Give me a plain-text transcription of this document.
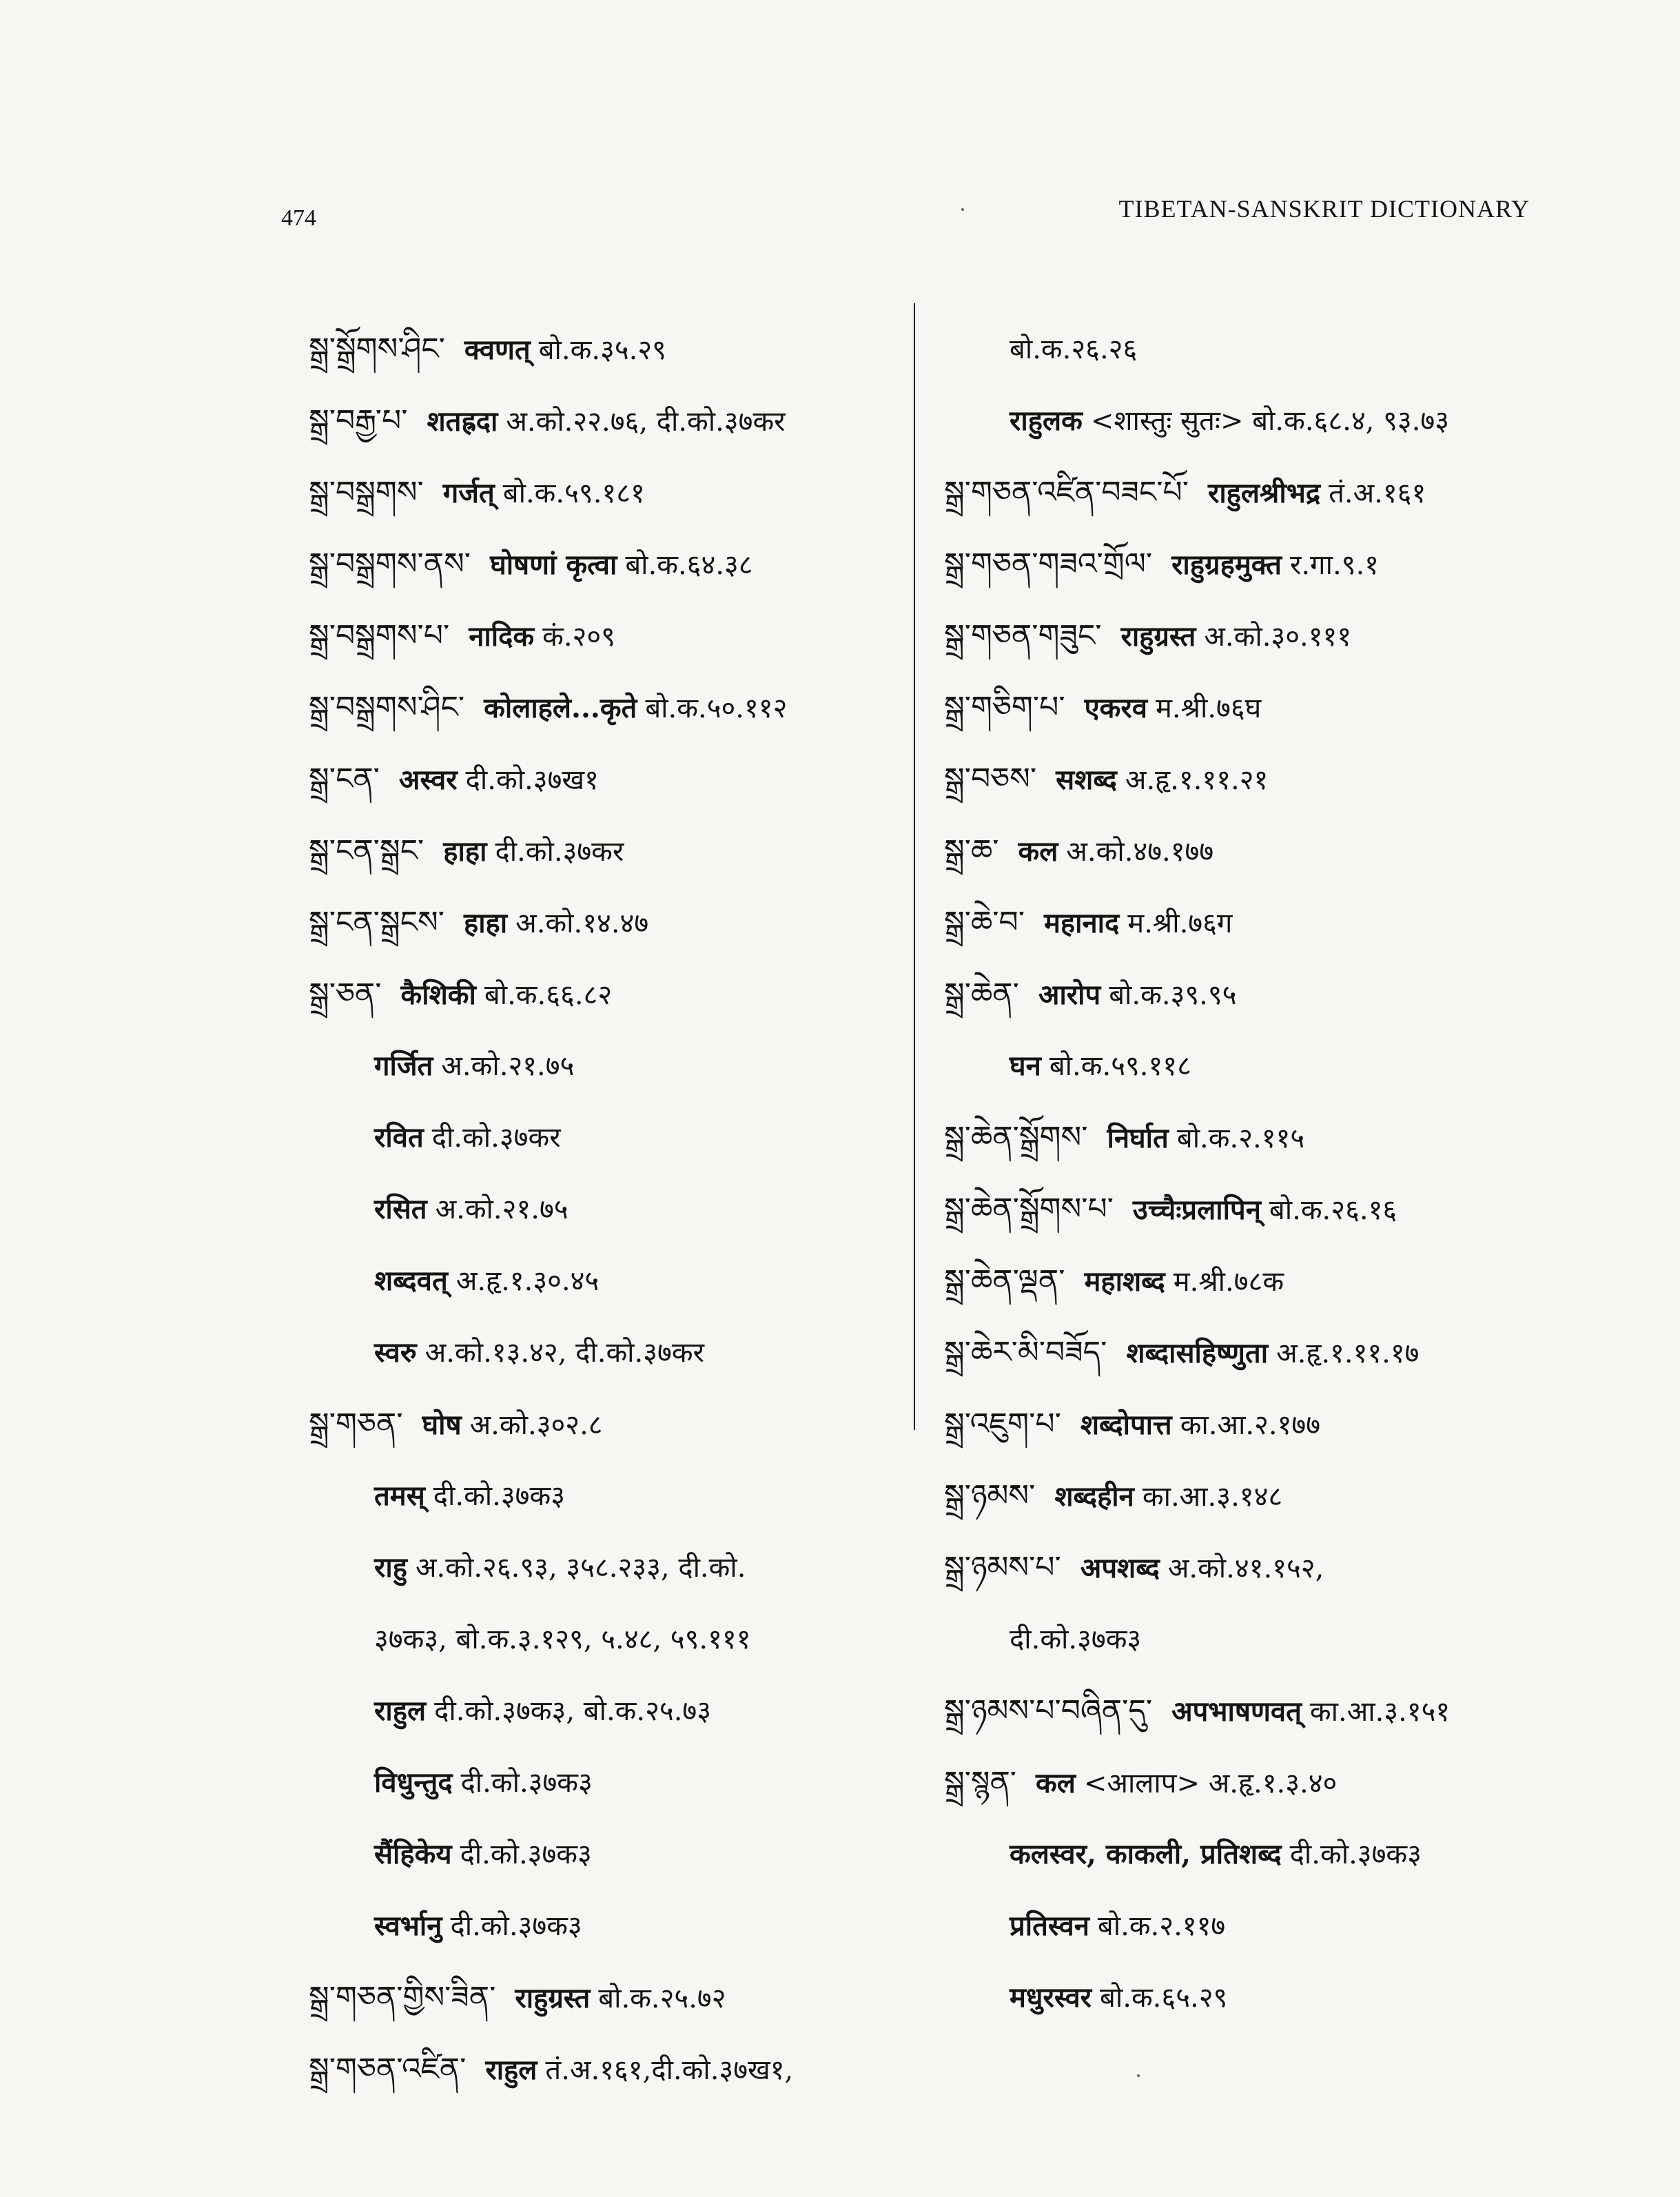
474	TIBETAN-SANSKRIT DICTIONARY
སྒྲ་སྒྲོགས་ཤིང་ क्वणत् बो.क.३५.२९
སྒྲ་བརྒྱ་པ་ शतह्रदा अ.को.२२.७६, दी.को.३७कर
སྒྲ་བསྒྲགས་ गर्जत् बो.क.५९.१८१
སྒྲ་བསྒྲགས་ནས་ घोषणां कृत्वा बो.क.६४.३८
སྒྲ་བསྒྲགས་པ་ नादिक कं.२०९
སྒྲ་བསྒྲགས་ཤིང་ कोलाहले...कृते बो.क.५०.११२
སྒྲ་ངན་ अस्वर दी.को.३७ख१
སྒྲ་ངན་སྒྲང་ हाहा दी.को.३७कर
སྒྲ་ངན་སྒྲངས་ हाहा अ.को.१४.४७
སྒྲ་ཅན་ कैशिकी बो.क.६६.८२
गर्जित अ.को.२१.७५
रवित दी.को.३७कर
रसित अ.को.२१.७५
शब्दवत् अ.हृ.१.३०.४५
स्वरु अ.को.१३.४२, दी.को.३७कर
སྒྲ་གཅན་ घोष अ.को.३०२.८
तमस् दी.को.३७क३
राहु अ.को.२६.९३, ३५८.२३३, दी.को.
३७क३, बो.क.३.१२९, ५.४८, ५९.१११
राहुल दी.को.३७क३, बो.क.२५.७३
विधुन्तुद दी.को.३७क३
सैंहिकेय दी.को.३७क३
स्वर्भानु दी.को.३७क३
སྒྲ་གཅན་གྱིས་ཟིན་ राहुग्रस्त बो.क.२५.७२
སྒྲ་གཅན་འཛིན་ राहुल तं.अ.१६१,दी.को.३७ख१,
बो.क.२६.२६
राहुलक <शास्तुः सुतः> बो.क.६८.४, ९३.७३
སྒྲ་གཅན་འཛིན་བཟང་པོ་ राहुलश्रीभद्र तं.अ.१६१
སྒྲ་གཅན་གཟའ་གྲོལ་ राहुग्रहमुक्त र.गा.९.१
སྒྲ་གཅན་གཟུང་ राहुग्रस्त अ.को.३०.१११
སྒྲ་གཅིག་པ་ एकरव म.श्री.७६घ
སྒྲ་བཅས་ सशब्द अ.हृ.१.११.२१
སྒྲ་ཆ་ कल अ.को.४७.१७७
སྒྲ་ཆེ་བ་ महानाद म.श्री.७६ग
སྒྲ་ཆེན་ आरोप बो.क.३९.९५
घन बो.क.५९.११८
སྒྲ་ཆེན་སྒྲོགས་ निर्घात बो.क.२.११५
སྒྲ་ཆེན་སྒྲོགས་པ་ उच्चैःप्रलापिन् बो.क.२६.१६
སྒྲ་ཆེན་ལྡན་ महाशब्द म.श्री.७८क
སྒྲ་ཆེར་མི་བཟོད་ शब्दासहिष्णुता अ.हृ.१.११.१७
སྒྲ་འཇུག་པ་ शब्दोपात्त का.आ.२.१७७
སྒྲ་ཉམས་ शब्दहीन का.आ.३.१४८
སྒྲ་ཉམས་པ་ अपशब्द अ.को.४१.१५२,
दी.को.३७क३
སྒྲ་ཉམས་པ་བཞིན་དུ་ अपभाषणवत् का.आ.३.१५१
སྒྲ་སྙན་ कल <आलाप> अ.हृ.१.३.४०
कलस्वर, काकली, प्रतिशब्द दी.को.३७क३
प्रतिस्वन बो.क.२.११७
मधुरस्वर बो.क.६५.२९
